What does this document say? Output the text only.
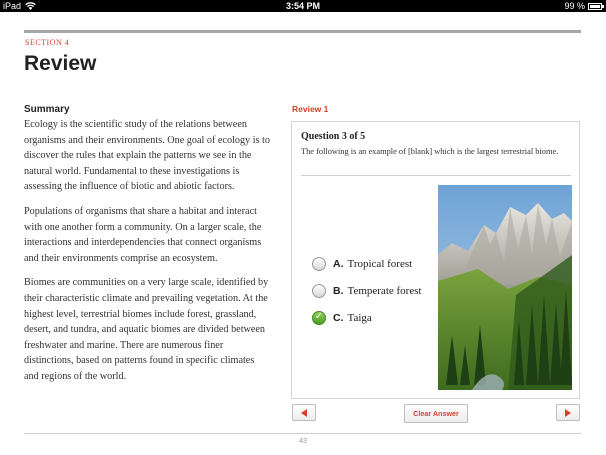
iPad	3:54 PM	99 %
SECTION 4
Review
Summary

Ecology is the scientific study of the relations between organisms and their environments. One goal of ecology is to discover the rules that explain the patterns we see in the natural world. Fundamental to these investigations is assessing the influence of biotic and abiotic factors.

Populations of organisms that share a habitat and interact with one another form a community. On a larger scale, the interactions and interdependencies that connect organisms and their environments comprise an ecosystem.

Biomes are communities on a very large scale, identified by their characteristic climate and prevailing vegetation. At the highest level, terrestrial biomes include forest, grassland, desert, and tundra, and aquatic biomes are divided between freshwater and marine. There are numerous finer distinctions, based on patterns found in specific climates and regions of the world.

Review 1
Question 3 of 5
The following is an example of [blank] which is the largest terrestrial biome.
A. Tropical forest
B. Temperate forest
✓
C. Taiga
Clear Answer
43
